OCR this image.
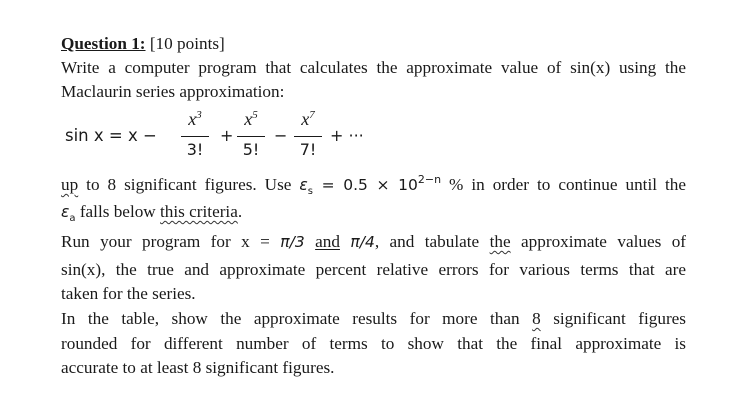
Question 1: [10 points]
Write a computer program that calculates the approximate value of sin(x) using the
Maclaurin series approximation:
sin x = x −
$x^3$
3!
+
$x^5$
5!
−
$x^7$
7!
+ ···
up to 8 significant figures. Use $\varepsilon_s = 0.5 \times 10^{2-n}$ % in order to continue until the
$\varepsilon_a$ falls below this criteria.
Run your program for x = π/3 and π/4, and tabulate the approximate values of
sin(x), the true and approximate percent relative errors for various terms that are
taken for the series.
In the table, show the approximate results for more than 8 significant figures
rounded for different number of terms to show that the final approximate is
accurate to at least 8 significant figures.
